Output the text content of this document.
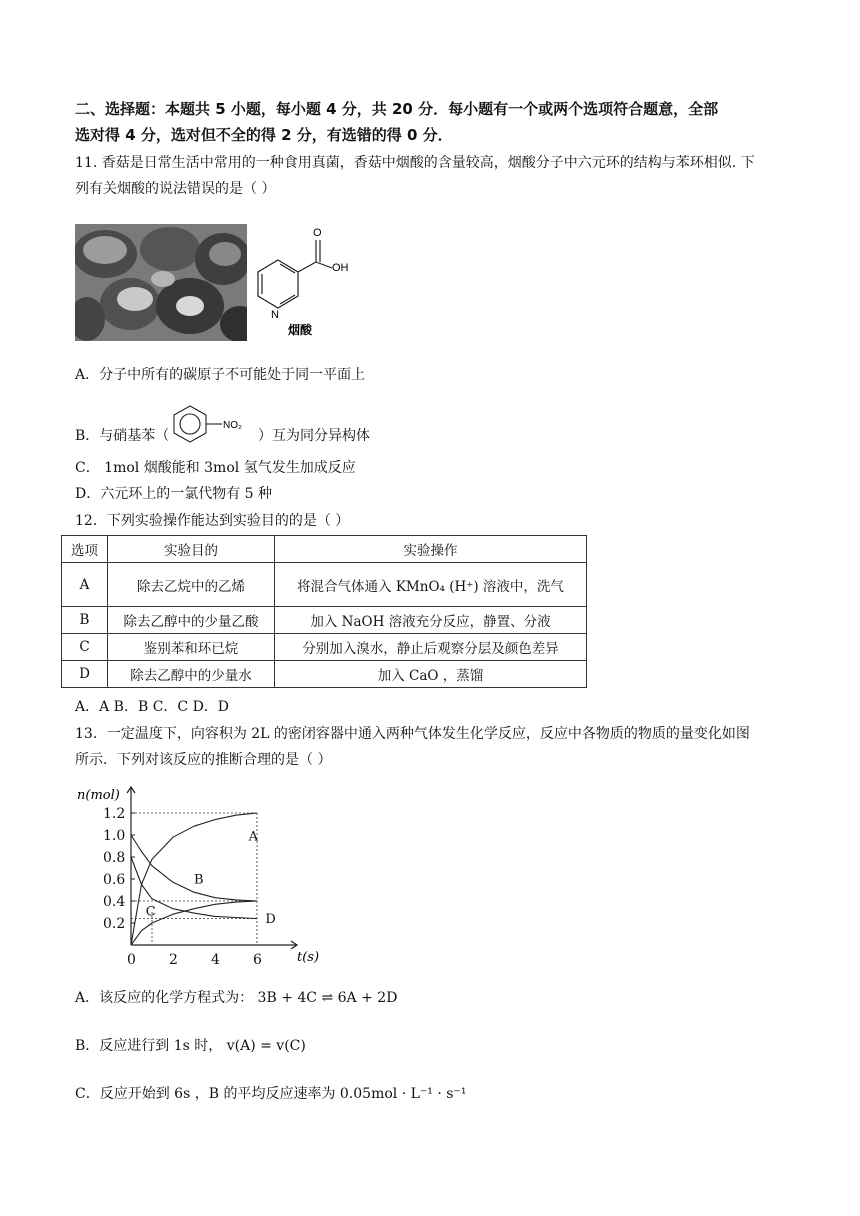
二、选择题：本题共 5 小题，每小题 4 分，共 20 分．每小题有一个或两个选项符合题意，全部
选对得 4 分，选对但不全的得 2 分，有选错的得 0 分．
11. 香菇是日常生活中常用的一种食用真菌，香菇中烟酸的含量较高，烟酸分子中六元环的结构与苯环相似. 下
列有关烟酸的说法错误的是（ ）
O
OH
N
烟酸
A．分子中所有的碳原子不可能处于同一平面上
B．与硝基苯（
NO₂
）互为同分异构体
C． 1mol 烟酸能和 3mol 氢气发生加成反应
D．六元环上的一氯代物有 5 种
12．下列实验操作能达到实验目的的是（ ）
选项	实验目的	实验操作
A	除去乙烷中的乙烯	将混合气体通入 KMnO₄ (H⁺) 溶液中，洗气
B	除去乙醇中的少量乙酸	加入 NaOH 溶液充分反应，静置、分液
C	鉴别苯和环已烷	分别加入溴水，静止后观察分层及颜色差异
D	除去乙醇中的少量水	加入 CaO ，蒸馏
A．A B．B C．C D．D
13．一定温度下，向容积为 2L 的密闭容器中通入两种气体发生化学反应，反应中各物质的物质的量变化如图
所示．下列对该反应的推断合理的是（ ）
0.2
0.4
0.6
0.8
1.0
1.2
0 2 4 6
A
B
C
D
n(mol)
t(s)
A．该反应的化学方程式为： 3B + 4C ⇌ 6A + 2D
B．反应进行到 1s 时， v(A) = v(C)
C．反应开始到 6s ，B 的平均反应速率为 0.05mol · L⁻¹ · s⁻¹
